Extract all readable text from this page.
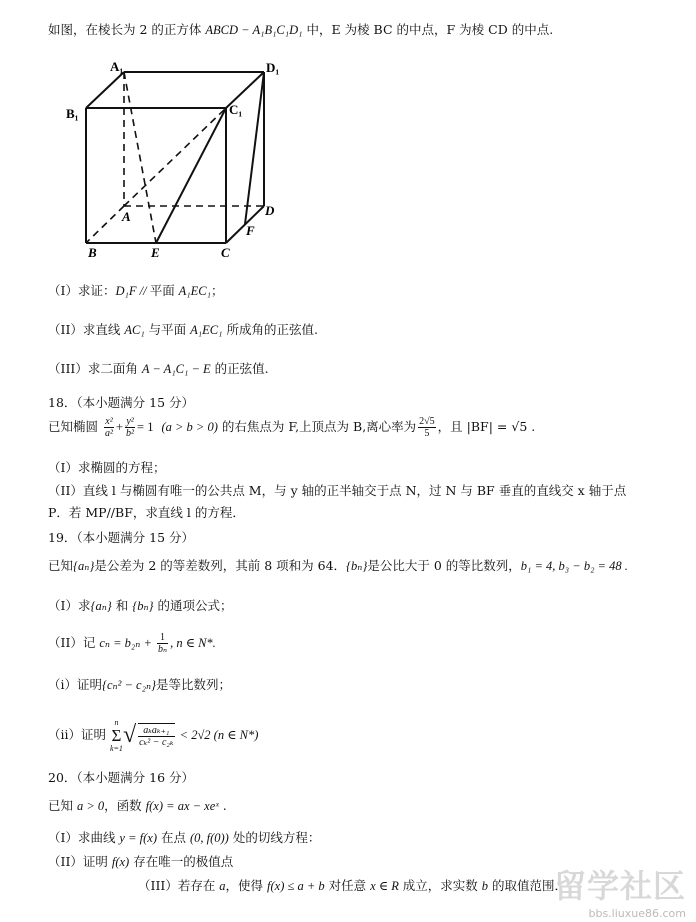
如图，在棱长为 2 的正方体 ABCD − A₁B₁C₁D₁ 中，E 为棱 BC 的中点，F 为棱 CD 的中点.
A₁	D₁
B₁	C₁
A	D
F
B	E	C
（I）求证：D₁F // 平面 A₁EC₁；
（II）求直线 AC₁ 与平面 A₁EC₁ 所成角的正弦值.
（III）求二面角 A − A₁C₁ − E 的正弦值.
18．（本小题满分 15 分）
已知椭圆 $\frac{\text{x²}}{\text{a²}} + \frac{\text{y²}}{\text{b²}} = 1$ (a > b > 0) 的右焦点为 F,上顶点为 B,离心率为 $\frac{2√5}{5}$ ，且 |BF| = √5 .
（I）求椭圆的方程；
（II）直线 l 与椭圆有唯一的公共点 M，与 y 轴的正半轴交于点 N，过 N 与 BF 垂直的直线交 x 轴于点
P．若 MP//BF，求直线 l 的方程．
19．（本小题满分 15 分）
已知{aₙ}是公差为 2 的等差数列，其前 8 项和为 64．{bₙ}是公比大于 0 的等比数列，b₁ = 4, b₃ − b₂ = 48 .
（I）求{aₙ} 和 {bₙ} 的通项公式；
（II）记 $c_n = b_{2n} + \frac{1}{\text{bₙ}}$ , n ∈ N*.
（i）证明{cₙ² − c₂ₙ}是等比数列；
（ii）证明
n
Σ
k=1
√ $\frac{\text{aₖaₖ₊₁}}{\text{cₖ² − c₂ₖ}} < 2√2$ (n ∈ N*)
20．（本小题满分 16 分）
已知 a > 0，函数 f(x) = ax − xeˣ .
（I）求曲线 y = f(x) 在点 (0, f(0)) 处的切线方程：
（II）证明 f(x) 存在唯一的极值点
（III）若存在 a，使得 f(x) ≤ a + b 对任意 x ∈ R 成立，求实数 b 的取值范围．
留学社区
bbs.liuxue86.com
